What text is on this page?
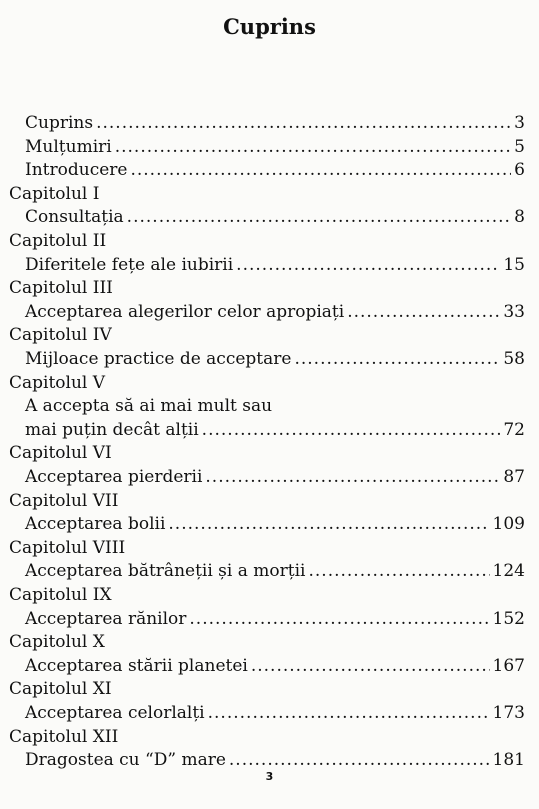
Cuprins
Cuprins .....	3
Mulțumiri .....	5
Introducere .....	6
Capitolul I
Consultația .....	8
Capitolul II
Diferitele fețe ale iubirii .....	15
Capitolul III
Acceptarea alegerilor celor apropiați .....	33
Capitolul IV
Mijloace practice de acceptare .....	58
Capitolul V
A accepta să ai mai mult sau
mai puțin decât alții .....	72
Capitolul VI
Acceptarea pierderii .....	87
Capitolul VII
Acceptarea bolii .....	109
Capitolul VIII
Acceptarea bătrâneții și a morții .....	124
Capitolul IX
Acceptarea rănilor .....	152
Capitolul X
Acceptarea stării planetei .....	167
Capitolul XI
Acceptarea celorlalți .....	173
Capitolul XII
Dragostea cu “D” mare .....	181
3
